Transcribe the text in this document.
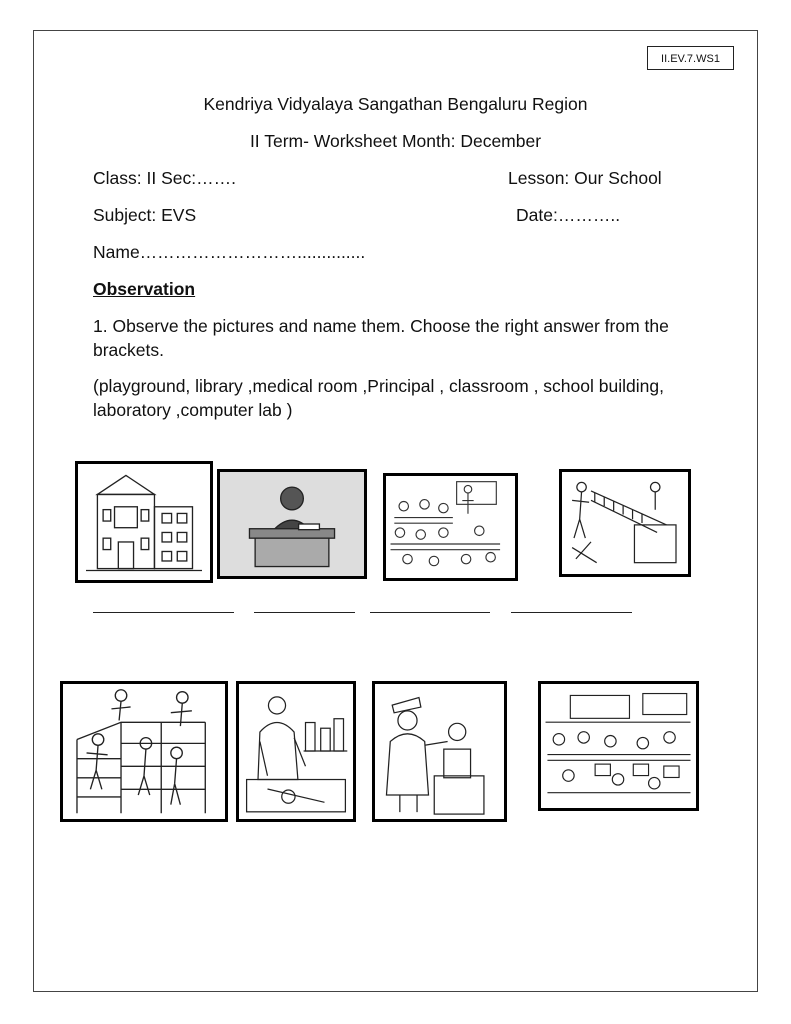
II.EV.7.WS1
Kendriya Vidyalaya Sangathan Bengaluru Region
II Term- Worksheet Month: December
Class: II Sec:…….	Lesson: Our School
Subject: EVS	Date:………..
Name………………………..............
Observation
1. Observe the pictures and name them. Choose the right answer from the brackets.
(playground, library ,medical room ,Principal , classroom , school building, laboratory ,computer lab )
